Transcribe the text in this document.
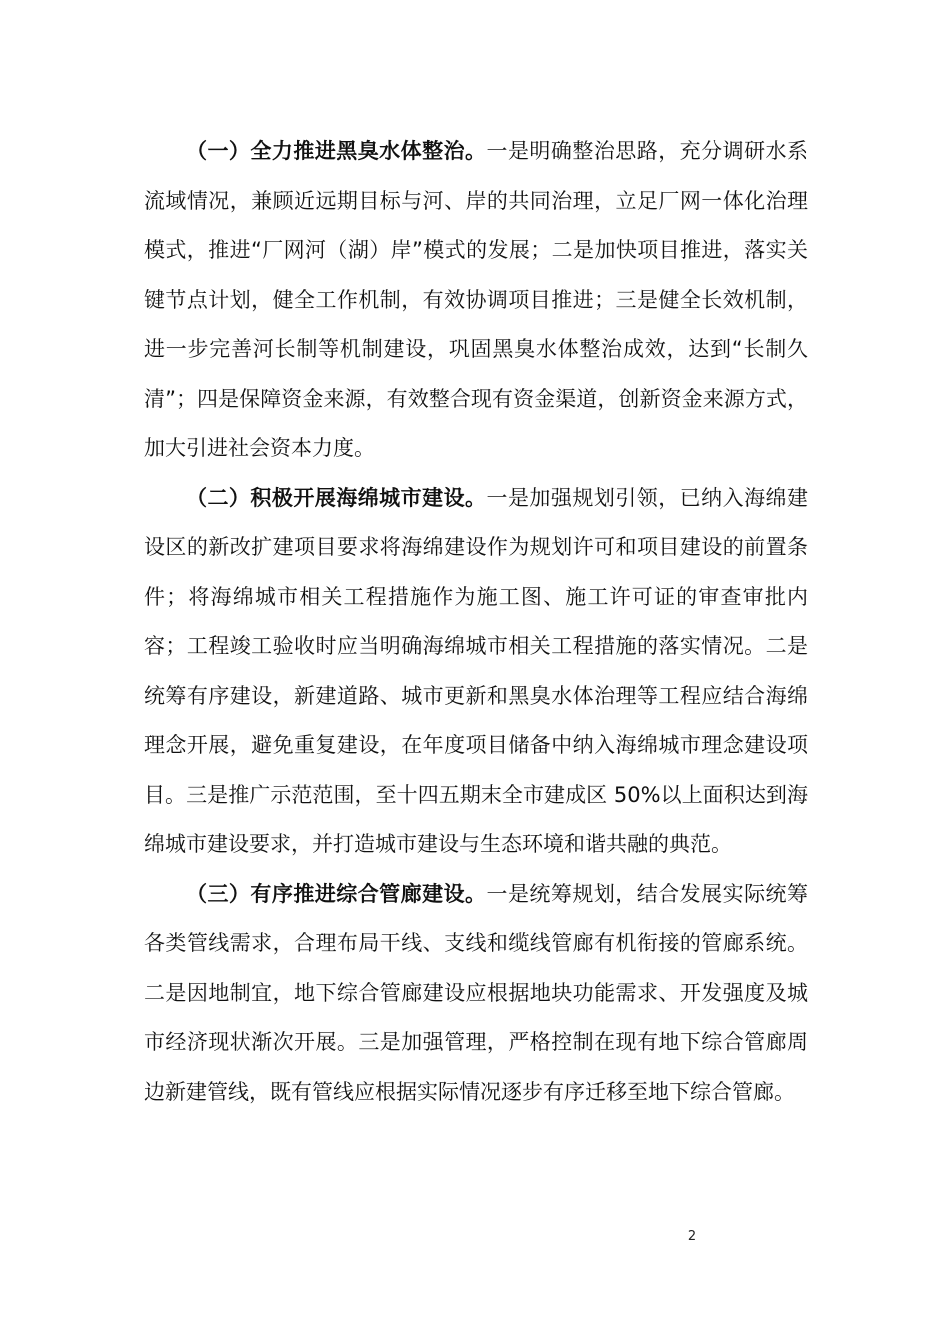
（一）全力推进黑臭水体整治。一是明确整治思路，充分调研水系流域情况，兼顾近远期目标与河、岸的共同治理，立足厂网一体化治理模式，推进“厂网河（湖）岸”模式的发展；二是加快项目推进，落实关键节点计划，健全工作机制，有效协调项目推进；三是健全长效机制，进一步完善河长制等机制建设，巩固黑臭水体整治成效，达到“长制久清”；四是保障资金来源，有效整合现有资金渠道，创新资金来源方式，加大引进社会资本力度。

（二）积极开展海绵城市建设。一是加强规划引领，已纳入海绵建设区的新改扩建项目要求将海绵建设作为规划许可和项目建设的前置条件；将海绵城市相关工程措施作为施工图、施工许可证的审查审批内容；工程竣工验收时应当明确海绵城市相关工程措施的落实情况。二是统筹有序建设，新建道路、城市更新和黑臭水体治理等工程应结合海绵理念开展，避免重复建设，在年度项目储备中纳入海绵城市理念建设项目。三是推广示范范围，至十四五期末全市建成区 50%以上面积达到海绵城市建设要求，并打造城市建设与生态环境和谐共融的典范。

（三）有序推进综合管廊建设。一是统筹规划，结合发展实际统筹各类管线需求，合理布局干线、支线和缆线管廊有机衔接的管廊系统。二是因地制宜，地下综合管廊建设应根据地块功能需求、开发强度及城市经济现状渐次开展。三是加强管理，严格控制在现有地下综合管廊周边新建管线，既有管线应根据实际情况逐步有序迁移至地下综合管廊。

2
